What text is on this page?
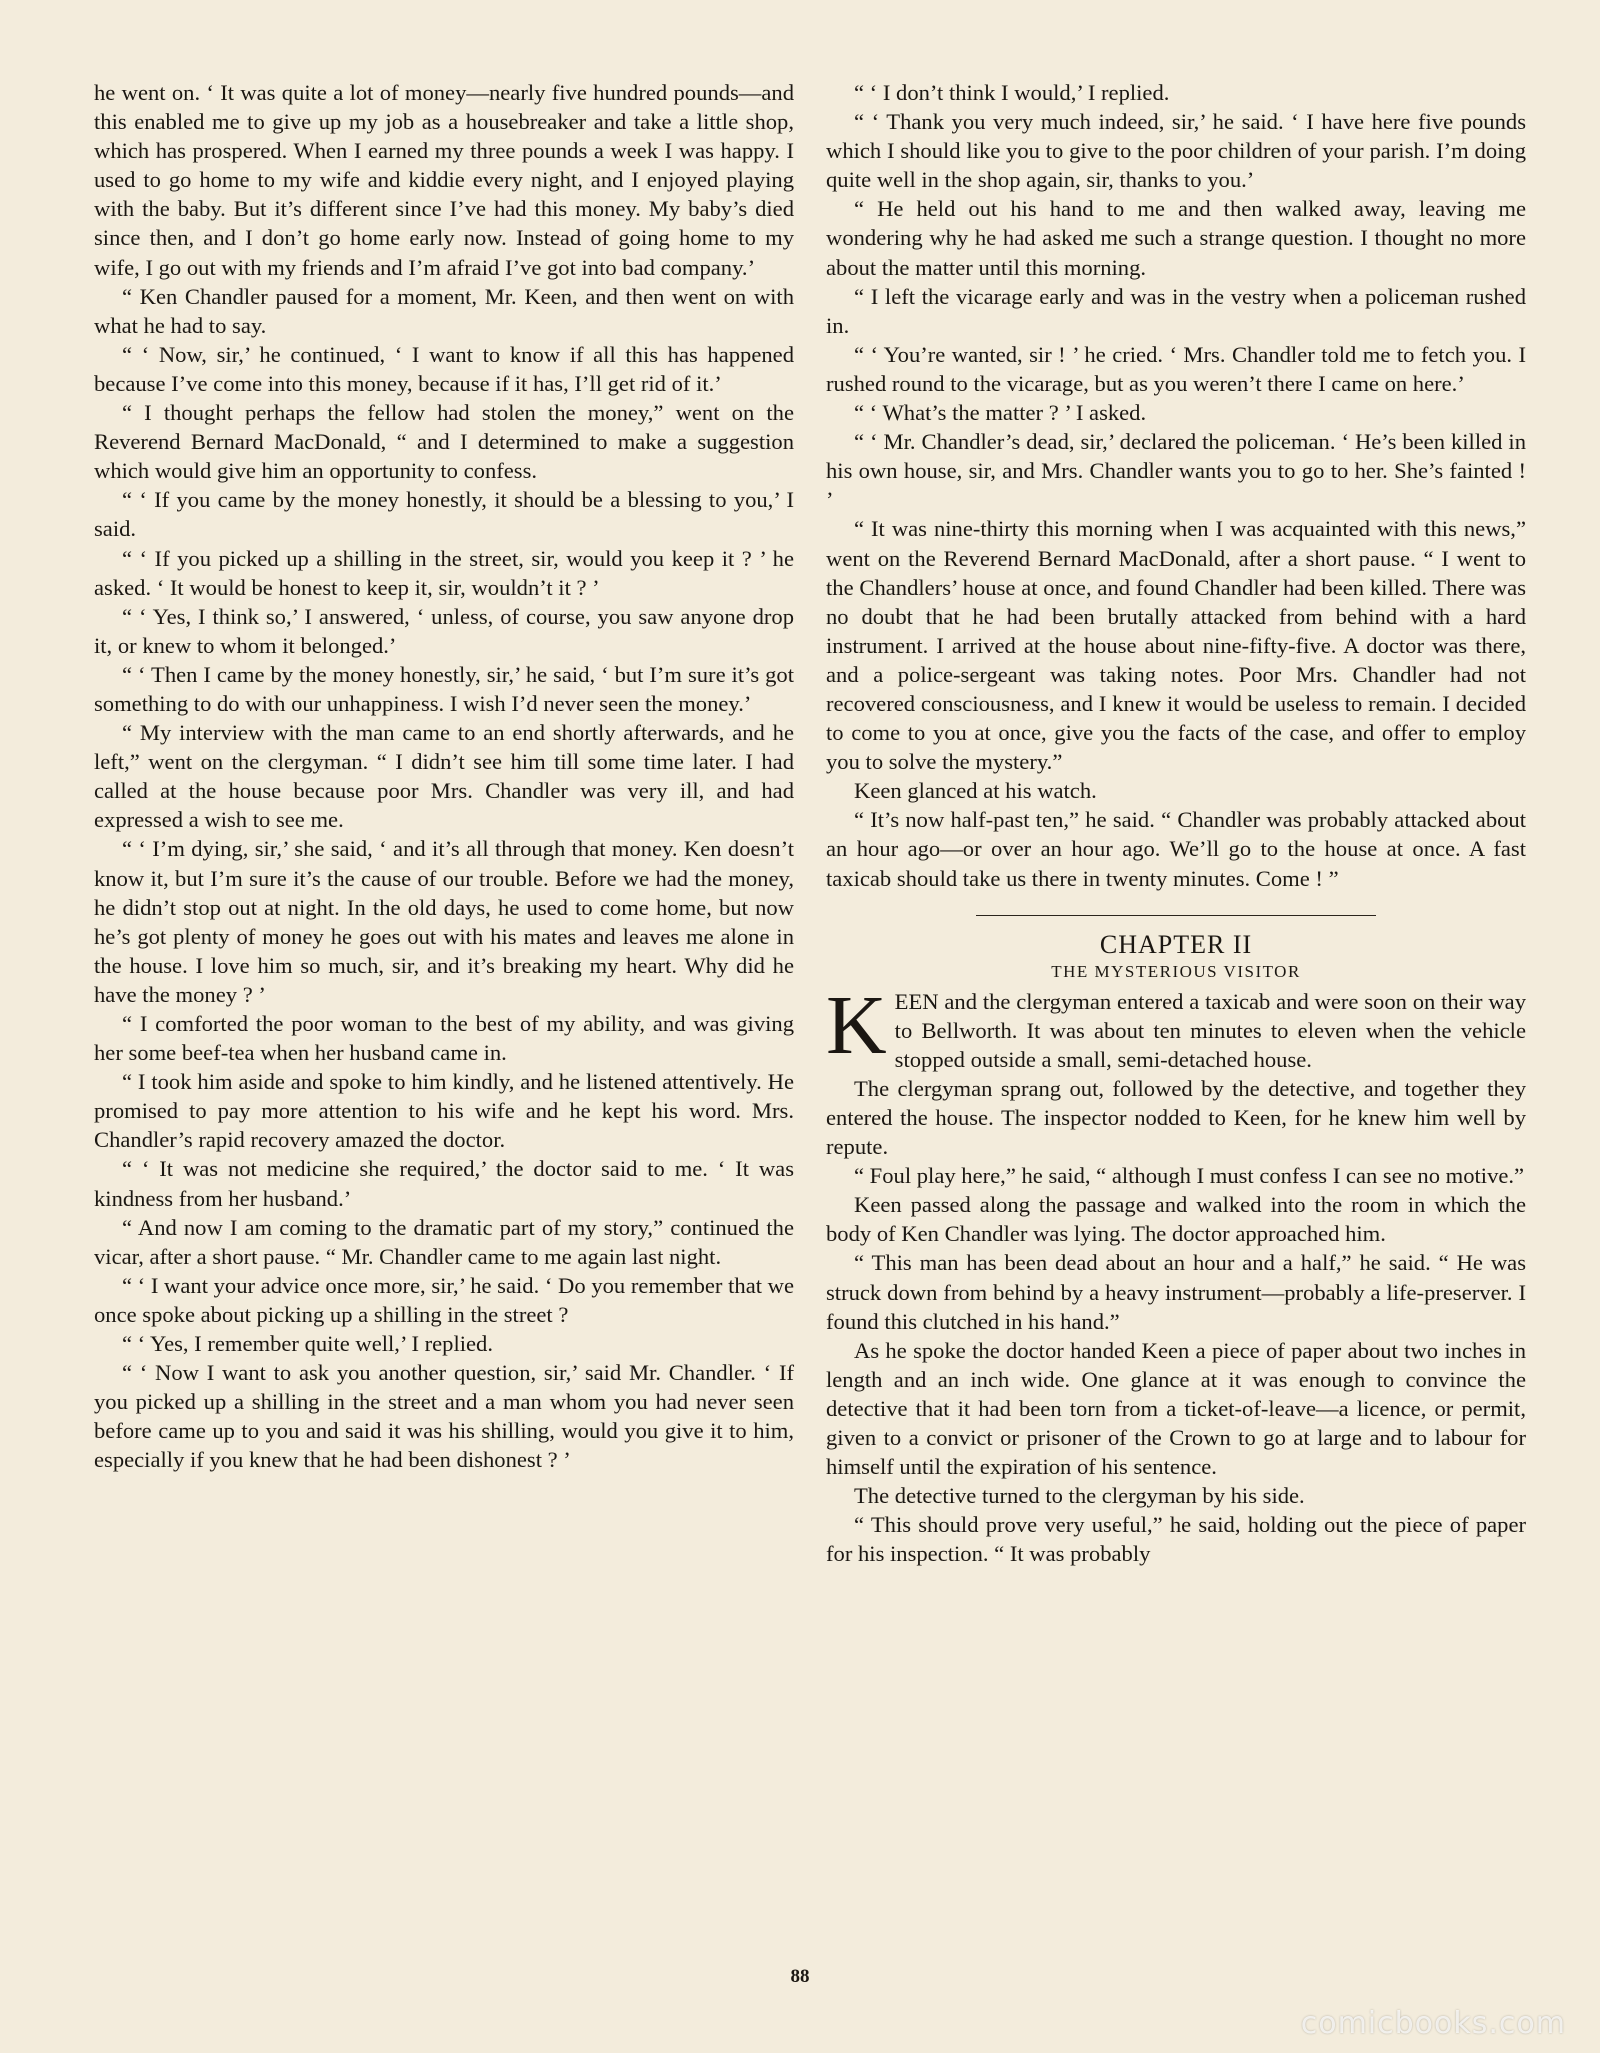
he went on. ‘ It was quite a lot of money—nearly five hundred pounds—and this enabled me to give up my job as a housebreaker and take a little shop, which has prospered. When I earned my three pounds a week I was happy. I used to go home to my wife and kiddie every night, and I enjoyed playing with the baby. But it’s different since I’ve had this money. My baby’s died since then, and I don’t go home early now. Instead of going home to my wife, I go out with my friends and I’m afraid I’ve got into bad company.’

“ Ken Chandler paused for a moment, Mr. Keen, and then went on with what he had to say.

“ ‘ Now, sir,’ he continued, ‘ I want to know if all this has happened because I’ve come into this money, because if it has, I’ll get rid of it.’

“ I thought perhaps the fellow had stolen the money,” went on the Reverend Bernard MacDonald, “ and I determined to make a suggestion which would give him an opportunity to confess.

“ ‘ If you came by the money honestly, it should be a blessing to you,’ I said.

“ ‘ If you picked up a shilling in the street, sir, would you keep it ? ’ he asked. ‘ It would be honest to keep it, sir, wouldn’t it ? ’

“ ‘ Yes, I think so,’ I answered, ‘ unless, of course, you saw anyone drop it, or knew to whom it belonged.’

“ ‘ Then I came by the money honestly, sir,’ he said, ‘ but I’m sure it’s got something to do with our unhappiness. I wish I’d never seen the money.’

“ My interview with the man came to an end shortly afterwards, and he left,” went on the clergyman. “ I didn’t see him till some time later. I had called at the house because poor Mrs. Chandler was very ill, and had expressed a wish to see me.

“ ‘ I’m dying, sir,’ she said, ‘ and it’s all through that money. Ken doesn’t know it, but I’m sure it’s the cause of our trouble. Before we had the money, he didn’t stop out at night. In the old days, he used to come home, but now he’s got plenty of money he goes out with his mates and leaves me alone in the house. I love him so much, sir, and it’s breaking my heart. Why did he have the money ? ’

“ I comforted the poor woman to the best of my ability, and was giving her some beef-tea when her husband came in.

“ I took him aside and spoke to him kindly, and he listened attentively. He promised to pay more attention to his wife and he kept his word. Mrs. Chandler’s rapid recovery amazed the doctor.

“ ‘ It was not medicine she required,’ the doctor said to me. ‘ It was kindness from her husband.’

“ And now I am coming to the dramatic part of my story,” continued the vicar, after a short pause. “ Mr. Chandler came to me again last night.

“ ‘ I want your advice once more, sir,’ he said. ‘ Do you remember that we once spoke about picking up a shilling in the street ?

“ ‘ Yes, I remember quite well,’ I replied.

“ ‘ Now I want to ask you another question, sir,’ said Mr. Chandler. ‘ If you picked up a shilling in the street and a man whom you had never seen before came up to you and said it was his shilling, would you give it to him, especially if you knew that he had been dishonest ? ’

“ ‘ I don’t think I would,’ I replied.

“ ‘ Thank you very much indeed, sir,’ he said. ‘ I have here five pounds which I should like you to give to the poor children of your parish. I’m doing quite well in the shop again, sir, thanks to you.’

“ He held out his hand to me and then walked away, leaving me wondering why he had asked me such a strange question. I thought no more about the matter until this morning.

“ I left the vicarage early and was in the vestry when a policeman rushed in.

“ ‘ You’re wanted, sir ! ’ he cried. ‘ Mrs. Chandler told me to fetch you. I rushed round to the vicarage, but as you weren’t there I came on here.’

“ ‘ What’s the matter ? ’ I asked.

“ ‘ Mr. Chandler’s dead, sir,’ declared the policeman. ‘ He’s been killed in his own house, sir, and Mrs. Chandler wants you to go to her. She’s fainted ! ’

“ It was nine-thirty this morning when I was acquainted with this news,” went on the Reverend Bernard MacDonald, after a short pause. “ I went to the Chandlers’ house at once, and found Chandler had been killed. There was no doubt that he had been brutally attacked from behind with a hard instrument. I arrived at the house about nine-fifty-five. A doctor was there, and a police-sergeant was taking notes. Poor Mrs. Chandler had not recovered consciousness, and I knew it would be useless to remain. I decided to come to you at once, give you the facts of the case, and offer to employ you to solve the mystery.”

Keen glanced at his watch.

“ It’s now half-past ten,” he said. “ Chandler was probably attacked about an hour ago—or over an hour ago. We’ll go to the house at once. A fast taxicab should take us there in twenty minutes. Come ! ”

CHAPTER II
THE MYSTERIOUS VISITOR

KEEN and the clergyman entered a taxicab and were soon on their way to Bellworth. It was about ten minutes to eleven when the vehicle stopped outside a small, semi-detached house.

The clergyman sprang out, followed by the detective, and together they entered the house. The inspector nodded to Keen, for he knew him well by repute.

“ Foul play here,” he said, “ although I must confess I can see no motive.”

Keen passed along the passage and walked into the room in which the body of Ken Chandler was lying. The doctor approached him.

“ This man has been dead about an hour and a half,” he said. “ He was struck down from behind by a heavy instrument—probably a life-preserver. I found this clutched in his hand.”

As he spoke the doctor handed Keen a piece of paper about two inches in length and an inch wide. One glance at it was enough to convince the detective that it had been torn from a ticket-of-leave—a licence, or permit, given to a convict or prisoner of the Crown to go at large and to labour for himself until the expiration of his sentence.

The detective turned to the clergyman by his side.

“ This should prove very useful,” he said, holding out the piece of paper for his inspection. “ It was probably

88
comicbooks.com
